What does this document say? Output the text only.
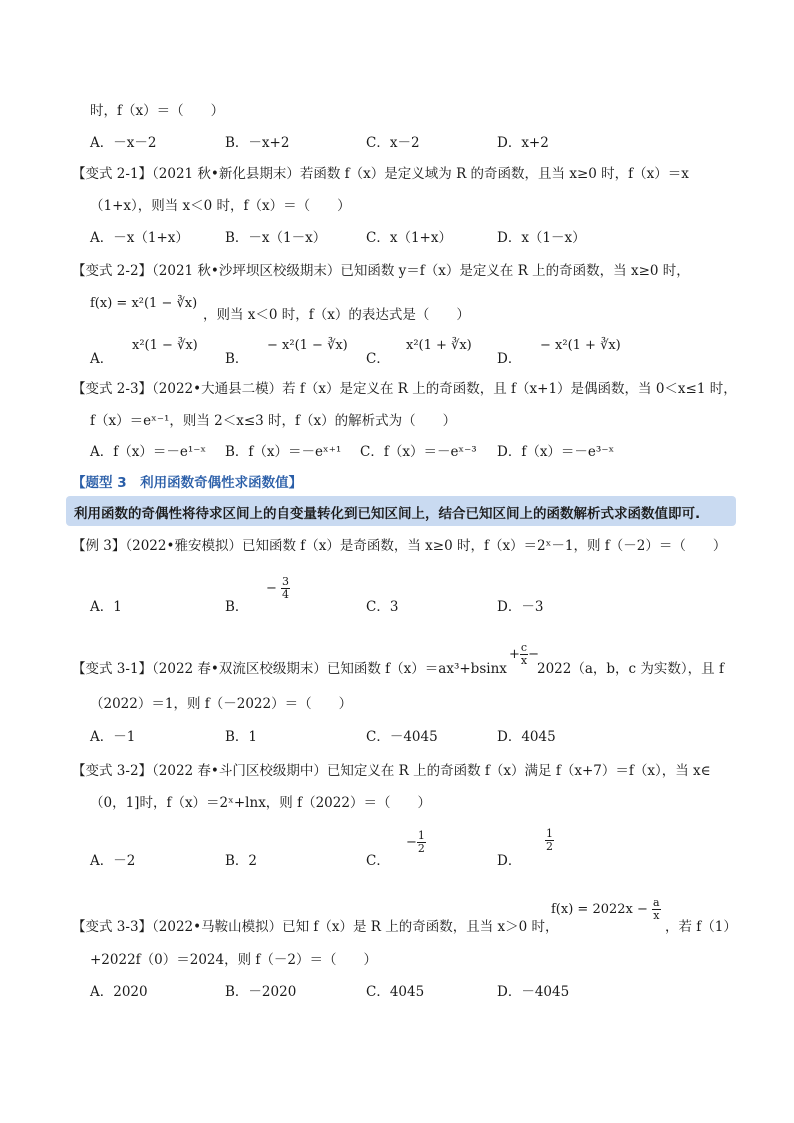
时，f（x）＝（　　）
A．－x－2	B．－x+2	C．x－2	D．x+2
【变式 2-1】（2021 秋•新化县期末）若函数 f（x）是定义域为 R 的奇函数，且当 x≥0 时，f（x）＝x
（1+x），则当 x＜0 时，f（x）＝（　　）
A．－x（1+x）	B．－x（1－x）	C．x（1+x）	D．x（1－x）
【变式 2-2】（2021 秋•沙坪坝区校级期末）已知函数 y＝f（x）是定义在 R 上的奇函数，当 x≥0 时，
f(x) = x²(1 − ∛x)
，则当 x＜0 时，f（x）的表达式是（　　）
A．
x²(1 − ∛x)
B．
− x²(1 − ∛x)
C．
x²(1 + ∛x)
D．
− x²(1 + ∛x)
【变式 2-3】（2022•大通县二模）若 f（x）是定义在 R 上的奇函数，且 f（x+1）是偶函数，当 0＜x≤1 时，
f（x）＝eˣ⁻¹，则当 2＜x≤3 时，f（x）的解析式为（　　）
A．f（x）＝－e¹⁻ˣ B．f（x）＝－eˣ⁺¹ C．f（x）＝－eˣ⁻³ D．f（x）＝－e³⁻ˣ
【题型 3　利用函数奇偶性求函数值】
利用函数的奇偶性将待求区间上的自变量转化到已知区间上，结合已知区间上的函数解析式求函数值即可.
【例 3】（2022•雅安模拟）已知函数 f（x）是奇函数，当 x≥0 时，f（x）＝2ˣ－1，则 f（－2）＝（　　）
A．1	B．
− $\frac{3}{4}$
C．3	D．－3
【变式 3-1】（2022 春•双流区校级期末）已知函数 f（x）＝ax³+bsinx
+ $\frac{c}{x}$ −
2022（a，b，c 为实数），且 f
（2022）＝1，则 f（－2022）＝（　　）
A．－1	B．1	C．－4045	D．4045
【变式 3-2】（2022 春•斗门区校级期中）已知定义在 R 上的奇函数 f（x）满足 f（x+7）＝f（x），当 x∈
（0，1]时，f（x）＝2ˣ+lnx，则 f（2022）＝（　　）
A．－2	B．2	C．
− $\frac{1}{2}$
D．
$\frac{1}{2}$
【变式 3-3】（2022•马鞍山模拟）已知 f（x）是 R 上的奇函数，且当 x＞0 时，
$f(x) = 2022x - \frac{a}{x}$
，若 f（1）
+2022f（0）＝2024，则 f（－2）＝（　　）
A．2020	B．－2020	C．4045	D．－4045
